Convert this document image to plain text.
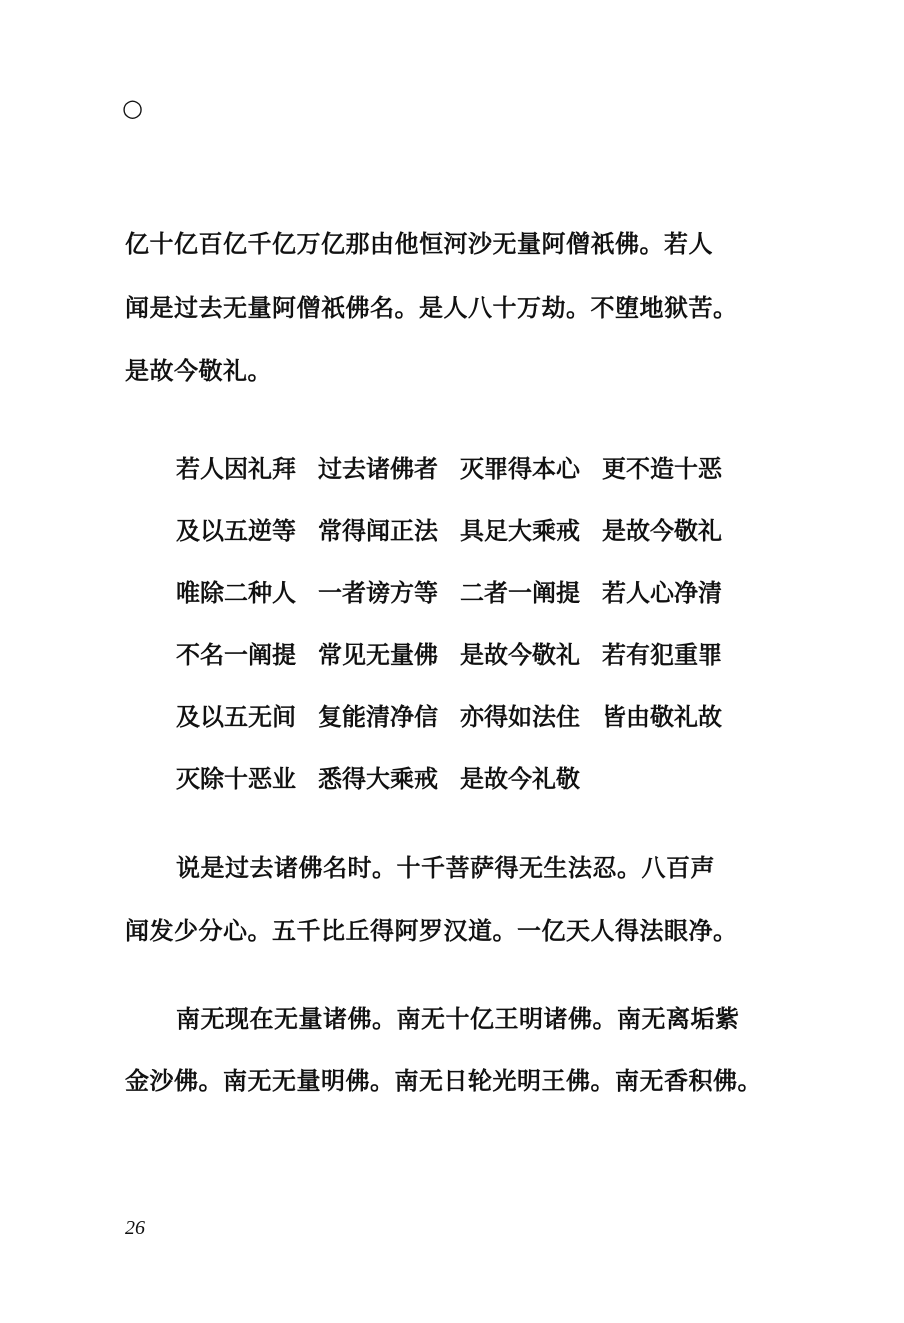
○
亿十亿百亿千亿万亿那由他恒河沙无量阿僧祇佛。若人
闻是过去无量阿僧祇佛名。是人八十万劫。不堕地狱苦。
是故今敬礼。
若人因礼拜 过去诸佛者 灭罪得本心 更不造十恶
及以五逆等 常得闻正法 具足大乘戒 是故今敬礼
唯除二种人 一者谤方等 二者一阐提 若人心净清
不名一阐提 常见无量佛 是故今敬礼 若有犯重罪
及以五无间 复能清净信 亦得如法住 皆由敬礼故
灭除十恶业 悉得大乘戒 是故今礼敬
说是过去诸佛名时。十千菩萨得无生法忍。八百声
闻发少分心。五千比丘得阿罗汉道。一亿天人得法眼净。
南无现在无量诸佛。南无十亿王明诸佛。南无离垢紫
金沙佛。南无无量明佛。南无日轮光明王佛。南无香积佛。
26
